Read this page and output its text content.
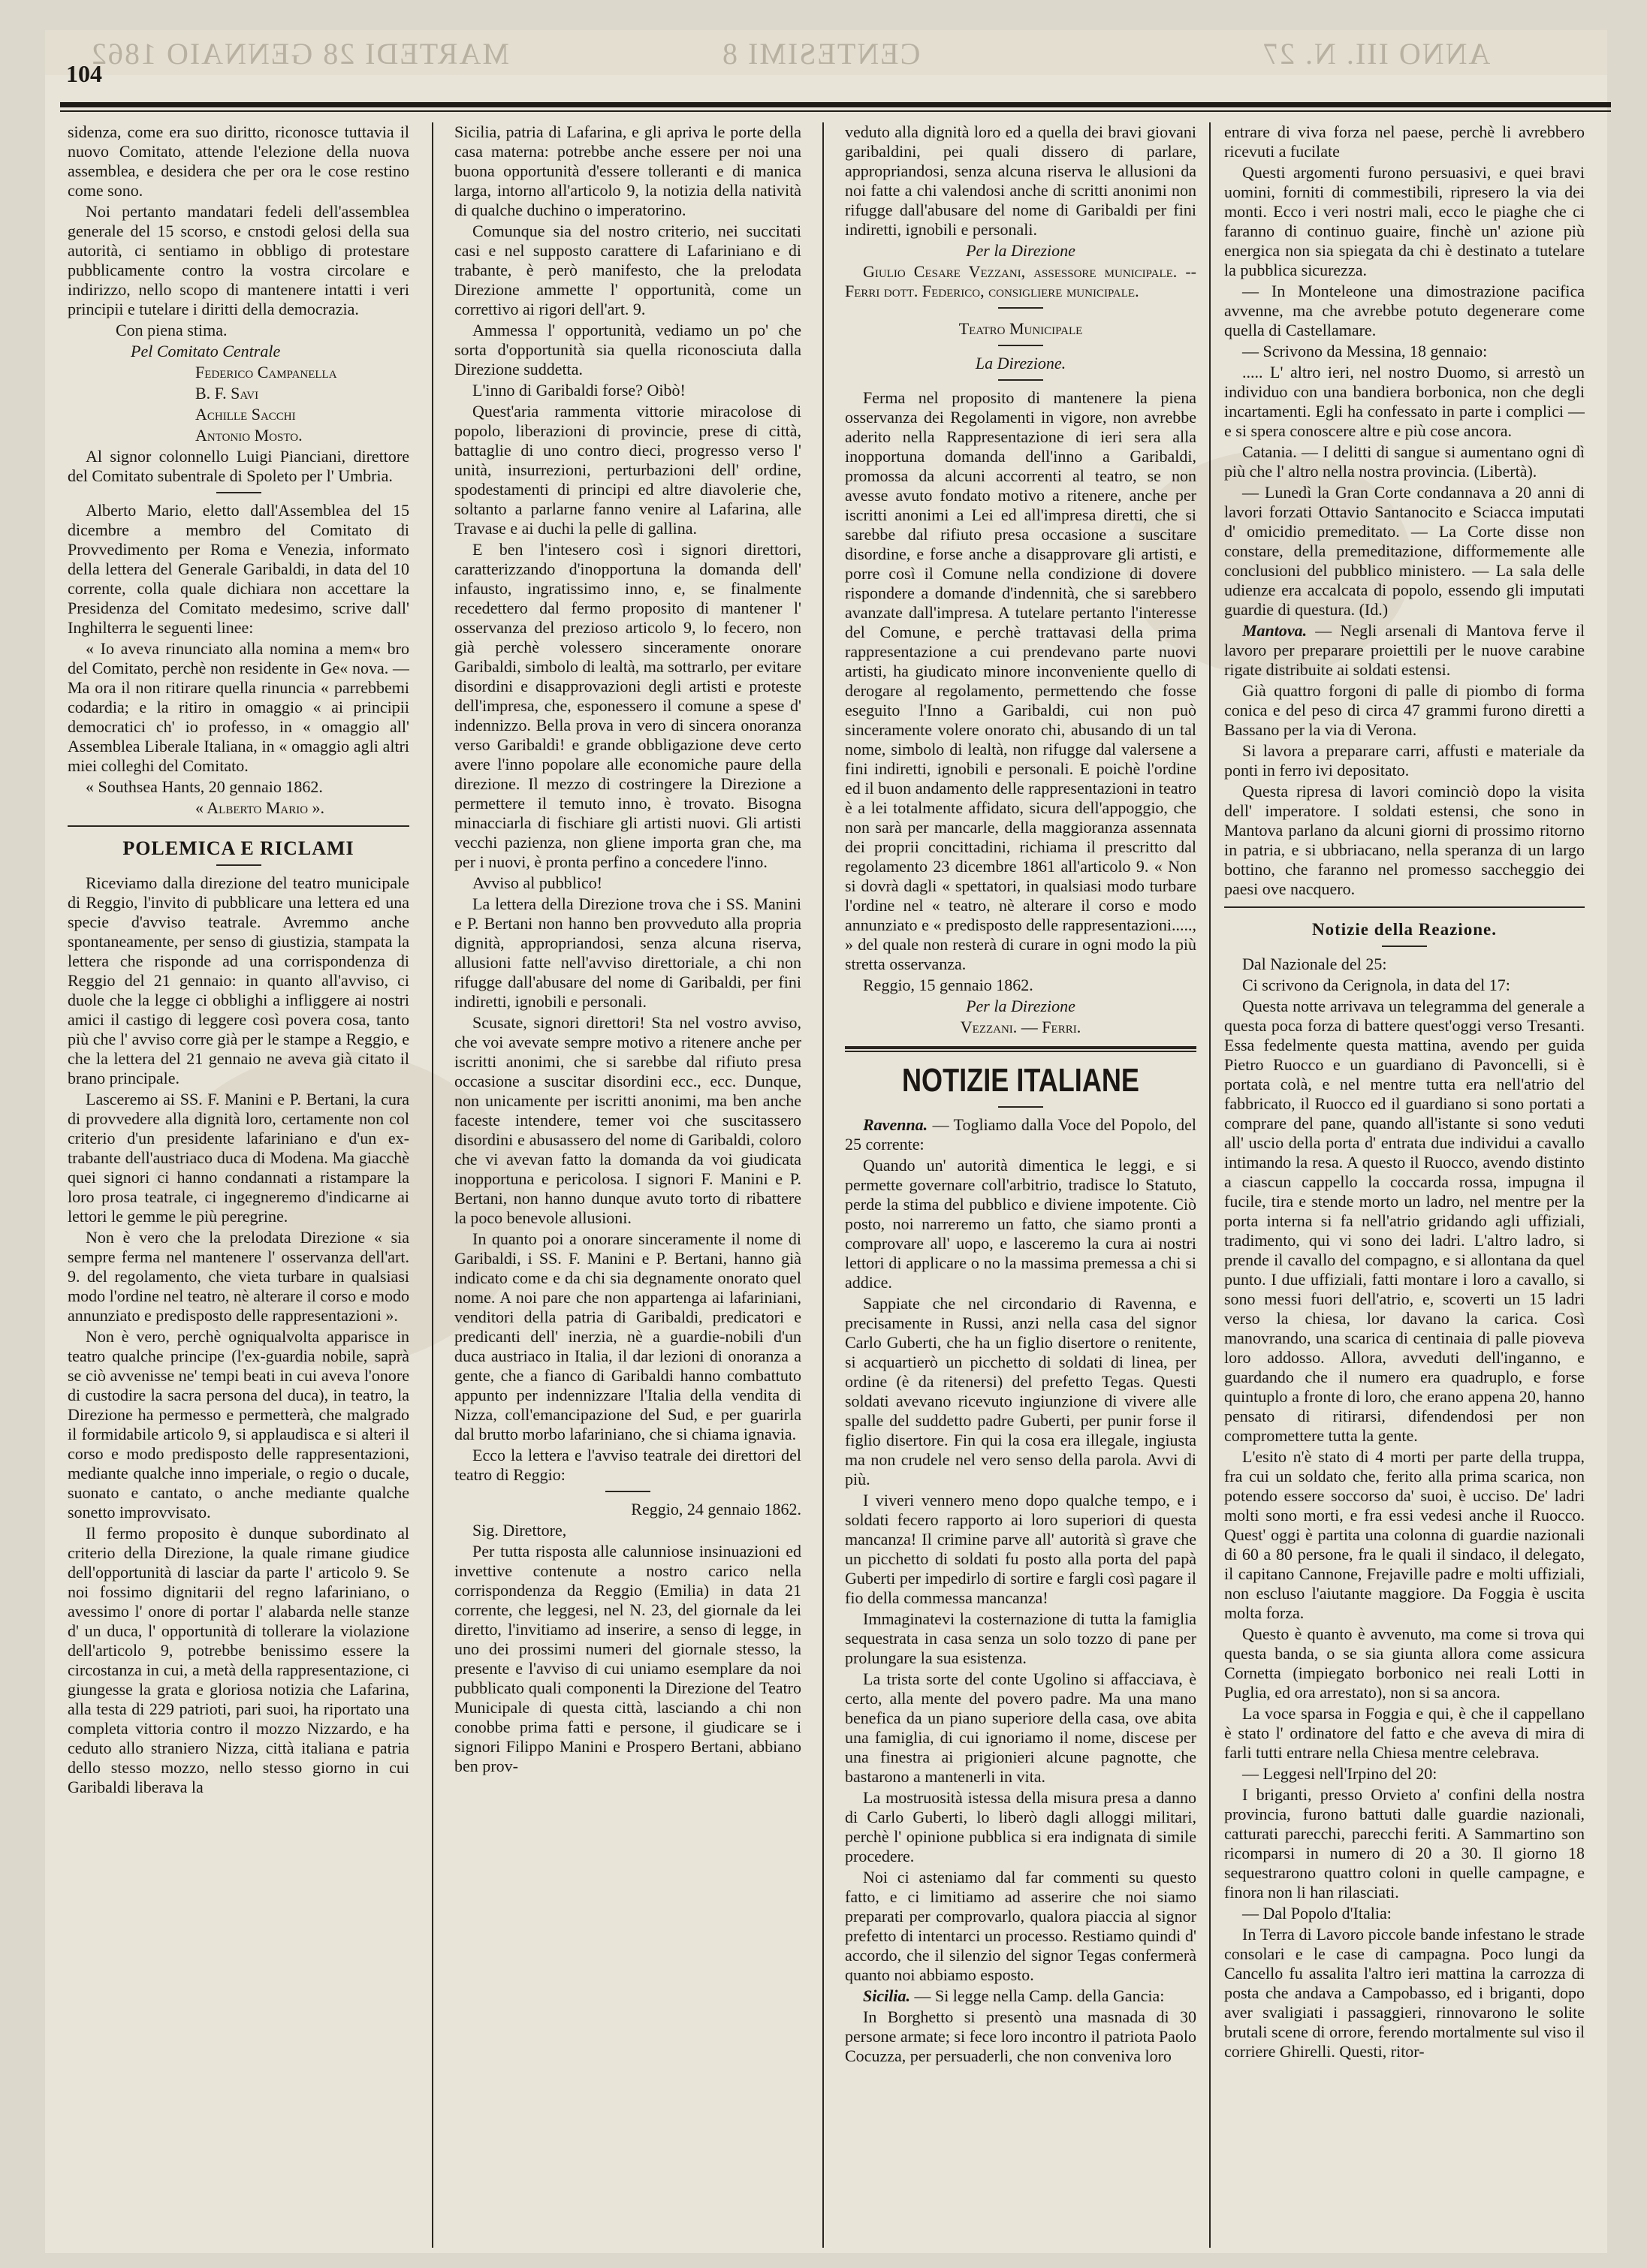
MARTEDI 28 GENNAIO 1862	CENTESIMI 8	ANNO III. N. 27
104

sidenza, come era suo diritto, riconosce tuttavia il nuovo Comitato, attende l'elezione della nuova assemblea, e desidera che per ora le cose restino come sono.

Noi pertanto mandatari fedeli dell'assemblea generale del 15 scorso, e cnstodi gelosi della sua autorità, ci sentiamo in obbligo di protestare pubblicamente contro la vostra circolare e indirizzo, nello scopo di mantenere intatti i veri principii e tutelare i diritti della democrazia.

Con piena stima.

Pel Comitato Centrale

Federico Campanella

B. F. Savi

Achille Sacchi

Antonio Mosto.

Al signor colonnello Luigi Pianciani, direttore del Comitato subentrale di Spoleto per l' Umbria.

Alberto Mario, eletto dall'Assemblea del 15 dicembre a membro del Comitato di Provvedimento per Roma e Venezia, informato della lettera del Generale Garibaldi, in data del 10 corrente, colla quale dichiara non accettare la Presidenza del Comitato medesimo, scrive dall' Inghilterra le seguenti linee:

« Io aveva rinunciato alla nomina a mem« bro del Comitato, perchè non residente in Ge« nova. — Ma ora il non ritirare quella rinuncia « parrebbemi codardia; e la ritiro in omaggio « ai principii democratici ch' io professo, in « omaggio all' Assemblea Liberale Italiana, in « omaggio agli altri miei colleghi del Comitato.

« Southsea Hants, 20 gennaio 1862.

« Alberto Mario ».

POLEMICA E RICLAMI

Riceviamo dalla direzione del teatro municipale di Reggio, l'invito di pubblicare una lettera ed una specie d'avviso teatrale. Avremmo anche spontaneamente, per senso di giustizia, stampata la lettera che risponde ad una corrispondenza di Reggio del 21 gennaio: in quanto all'avviso, ci duole che la legge ci obblighi a infliggere ai nostri amici il castigo di leggere così povera cosa, tanto più che l' avviso corre già per le stampe a Reggio, e che la lettera del 21 gennaio ne aveva già citato il brano principale.

Lasceremo ai SS. F. Manini e P. Bertani, la cura di provvedere alla dignità loro, certamente non col criterio d'un presidente lafariniano e d'un ex-trabante dell'austriaco duca di Modena. Ma giacchè quei signori ci hanno condannati a ristampare la loro prosa teatrale, ci ingegneremo d'indicarne ai lettori le gemme le più peregrine.

Non è vero che la prelodata Direzione « sia sempre ferma nel mantenere l' osservanza dell'art. 9. del regolamento, che vieta turbare in qualsiasi modo l'ordine nel teatro, nè alterare il corso e modo annunziato e predisposto delle rappresentazioni ».

Non è vero, perchè ogniqualvolta apparisce in teatro qualche principe (l'ex-guardia nobile, saprà se ciò avvenisse ne' tempi beati in cui aveva l'onore di custodire la sacra persona del duca), in teatro, la Direzione ha permesso e permetterà, che malgrado il formidabile articolo 9, si applaudisca e si alteri il corso e modo predisposto delle rappresentazioni, mediante qualche inno imperiale, o regio o ducale, suonato e cantato, o anche mediante qualche sonetto improvvisato.

Il fermo proposito è dunque subordinato al criterio della Direzione, la quale rimane giudice dell'opportunità di lasciar da parte l' articolo 9. Se noi fossimo dignitarii del regno lafariniano, o avessimo l' onore di portar l' alabarda nelle stanze d' un duca, l' opportunità di tollerare la violazione dell'articolo 9, potrebbe benissimo essere la circostanza in cui, a metà della rappresentazione, ci giungesse la grata e gloriosa notizia che Lafarina, alla testa di 229 patrioti, pari suoi, ha riportato una completa vittoria contro il mozzo Nizzardo, e ha ceduto allo straniero Nizza, città italiana e patria dello stesso mozzo, nello stesso giorno in cui Garibaldi liberava la

Sicilia, patria di Lafarina, e gli apriva le porte della casa materna: potrebbe anche essere per noi una buona opportunità d'essere tolleranti e di manica larga, intorno all'articolo 9, la notizia della natività di qualche duchino o imperatorino.

Comunque sia del nostro criterio, nei succitati casi e nel supposto carattere di Lafariniano e di trabante, è però manifesto, che la prelodata Direzione ammette l' opportunità, come un correttivo ai rigori dell'art. 9.

Ammessa l' opportunità, vediamo un po' che sorta d'opportunità sia quella riconosciuta dalla Direzione suddetta.

L'inno di Garibaldi forse? Oibò!

Quest'aria rammenta vittorie miracolose di popolo, liberazioni di provincie, prese di città, battaglie di uno contro dieci, progresso verso l' unità, insurrezioni, perturbazioni dell' ordine, spodestamenti di principi ed altre diavolerie che, soltanto a parlarne fanno venire al Lafarina, alle Travase e ai duchi la pelle di gallina.

E ben l'intesero così i signori direttori, caratterizzando d'inopportuna la domanda dell' infausto, ingratissimo inno, e, se finalmente recedettero dal fermo proposito di mantener l' osservanza del prezioso articolo 9, lo fecero, non già perchè volessero sinceramente onorare Garibaldi, simbolo di lealtà, ma sottrarlo, per evitare disordini e disapprovazioni degli artisti e proteste dell'impresa, che, esponessero il comune a spese d' indennizzo. Bella prova in vero di sincera onoranza verso Garibaldi! e grande obbligazione deve certo avere l'inno popolare alle economiche paure della direzione. Il mezzo di costringere la Direzione a permettere il temuto inno, è trovato. Bisogna minacciarla di fischiare gli artisti nuovi. Gli artisti vecchi pazienza, non gliene importa gran che, ma per i nuovi, è pronta perfino a concedere l'inno.

Avviso al pubblico!

La lettera della Direzione trova che i SS. Manini e P. Bertani non hanno ben provveduto alla propria dignità, appropriandosi, senza alcuna riserva, allusioni fatte nell'avviso direttoriale, a chi non rifugge dall'abusare del nome di Garibaldi, per fini indiretti, ignobili e personali.

Scusate, signori direttori! Sta nel vostro avviso, che voi avevate sempre motivo a ritenere anche per iscritti anonimi, che si sarebbe dal rifiuto presa occasione a suscitar disordini ecc., ecc. Dunque, non unicamente per iscritti anonimi, ma ben anche faceste intendere, temer voi che suscitassero disordini e abusassero del nome di Garibaldi, coloro che vi avevan fatto la domanda da voi giudicata inopportuna e pericolosa. I signori F. Manini e P. Bertani, non hanno dunque avuto torto di ribattere la poco benevole allusioni.

In quanto poi a onorare sinceramente il nome di Garibaldi, i SS. F. Manini e P. Bertani, hanno già indicato come e da chi sia degnamente onorato quel nome. A noi pare che non appartenga ai lafariniani, venditori della patria di Garibaldi, predicatori e predicanti dell' inerzia, nè a guardie-nobili d'un duca austriaco in Italia, il dar lezioni di onoranza a gente, che a fianco di Garibaldi hanno combattuto appunto per indennizzare l'Italia della vendita di Nizza, coll'emancipazione del Sud, e per guarirla dal brutto morbo lafariniano, che si chiama ignavia.

Ecco la lettera e l'avviso teatrale dei direttori del teatro di Reggio:

Reggio, 24 gennaio 1862.

Sig. Direttore,

Per tutta risposta alle calunniose insinuazioni ed invettive contenute a nostro carico nella corrispondenza da Reggio (Emilia) in data 21 corrente, che leggesi, nel N. 23, del giornale da lei diretto, l'invitiamo ad inserire, a senso di legge, in uno dei prossimi numeri del giornale stesso, la presente e l'avviso di cui uniamo esemplare da noi pubblicato quali componenti la Direzione del Teatro Municipale di questa città, lasciando a chi non conobbe prima fatti e persone, il giudicare se i signori Filippo Manini e Prospero Bertani, abbiano ben prov-

veduto alla dignità loro ed a quella dei bravi giovani garibaldini, pei quali dissero di parlare, appropriandosi, senza alcuna riserva le allusioni da noi fatte a chi valendosi anche di scritti anonimi non rifugge dall'abusare del nome di Garibaldi per fini indiretti, ignobili e personali.

Per la Direzione

Giulio Cesare Vezzani, assessore municipale. -- Ferri dott. Federico, consigliere municipale.

Teatro Municipale

La Direzione.

Ferma nel proposito di mantenere la piena osservanza dei Regolamenti in vigore, non avrebbe aderito nella Rappresentazione di ieri sera alla inopportuna domanda dell'inno a Garibaldi, promossa da alcuni accorrenti al teatro, se non avesse avuto fondato motivo a ritenere, anche per iscritti anonimi a Lei ed all'impresa diretti, che si sarebbe dal rifiuto presa occasione a suscitare disordine, e forse anche a disapprovare gli artisti, e porre così il Comune nella condizione di dovere rispondere a domande d'indennità, che si sarebbero avanzate dall'impresa. A tutelare pertanto l'interesse del Comune, e perchè trattavasi della prima rappresentazione a cui prendevano parte nuovi artisti, ha giudicato minore inconveniente quello di derogare al regolamento, permettendo che fosse eseguito l'Inno a Garibaldi, cui non può sinceramente volere onorato chi, abusando di un tal nome, simbolo di lealtà, non rifugge dal valersene a fini indiretti, ignobili e personali. E poichè l'ordine ed il buon andamento delle rappresentazioni in teatro è a lei totalmente affidato, sicura dell'appoggio, che non sarà per mancarle, della maggioranza assennata dei proprii concittadini, richiama il prescritto dal regolamento 23 dicembre 1861 all'articolo 9. « Non si dovrà dagli « spettatori, in qualsiasi modo turbare l'ordine nel « teatro, nè alterare il corso e modo annunziato e « predisposto delle rappresentazioni....., » del quale non resterà di curare in ogni modo la più stretta osservanza.

Reggio, 15 gennaio 1862.

Per la Direzione

Vezzani. — Ferri.

NOTIZIE ITALIANE

Ravenna. — Togliamo dalla Voce del Popolo, del 25 corrente:

Quando un' autorità dimentica le leggi, e si permette governare coll'arbitrio, tradisce lo Statuto, perde la stima del pubblico e diviene impotente. Ciò posto, noi narreremo un fatto, che siamo pronti a comprovare all' uopo, e lasceremo la cura ai nostri lettori di applicare o no la massima premessa a chi si addice.

Sappiate che nel circondario di Ravenna, e precisamente in Russi, anzi nella casa del signor Carlo Guberti, che ha un figlio disertore o renitente, si acquartierò un picchetto di soldati di linea, per ordine (è da ritenersi) del prefetto Tegas. Questi soldati avevano ricevuto ingiunzione di vivere alle spalle del suddetto padre Guberti, per punir forse il figlio disertore. Fin qui la cosa era illegale, ingiusta ma non crudele nel vero senso della parola. Avvi di più.

I viveri vennero meno dopo qualche tempo, e i soldati fecero rapporto ai loro superiori di questa mancanza! Il crimine parve all' autorità sì grave che un picchetto di soldati fu posto alla porta del papà Guberti per impedirlo di sortire e fargli così pagare il fio della commessa mancanza!

Immaginatevi la costernazione di tutta la famiglia sequestrata in casa senza un solo tozzo di pane per prolungare la sua esistenza.

La trista sorte del conte Ugolino si affacciava, è certo, alla mente del povero padre. Ma una mano benefica da un piano superiore della casa, ove abita una famiglia, di cui ignoriamo il nome, discese per una finestra ai prigionieri alcune pagnotte, che bastarono a mantenerli in vita.

La mostruosità istessa della misura presa a danno di Carlo Guberti, lo liberò dagli alloggi militari, perchè l' opinione pubblica si era indignata di simile procedere.

Noi ci asteniamo dal far commenti su questo fatto, e ci limitiamo ad asserire che noi siamo preparati per comprovarlo, qualora piaccia al signor prefetto di intentarci un processo. Restiamo quindi d' accordo, che il silenzio del signor Tegas confermerà quanto noi abbiamo esposto.

Sicilia. — Si legge nella Camp. della Gancia:

In Borghetto si presentò una masnada di 30 persone armate; si fece loro incontro il patriota Paolo Cocuzza, per persuaderli, che non conveniva loro

entrare di viva forza nel paese, perchè li avrebbero ricevuti a fucilate

Questi argomenti furono persuasivi, e quei bravi uomini, forniti di commestibili, ripresero la via dei monti. Ecco i veri nostri mali, ecco le piaghe che ci faranno di continuo guaire, finchè un' azione più energica non sia spiegata da chi è destinato a tutelare la pubblica sicurezza.

— In Monteleone una dimostrazione pacifica avvenne, ma che avrebbe potuto degenerare come quella di Castellamare.

— Scrivono da Messina, 18 gennaio:

..... L' altro ieri, nel nostro Duomo, si arrestò un individuo con una bandiera borbonica, non che degli incartamenti. Egli ha confessato in parte i complici — e si spera conoscere altre e più cose ancora.

Catania. — I delitti di sangue si aumentano ogni dì più che l' altro nella nostra provincia. (Libertà).

— Lunedì la Gran Corte condannava a 20 anni di lavori forzati Ottavio Santanocito e Sciacca imputati d' omicidio premeditato. — La Corte disse non constare, della premeditazione, difformemente alle conclusioni del pubblico ministero. — La sala delle udienze era accalcata di popolo, essendo gli imputati guardie di questura. (Id.)

Mantova. — Negli arsenali di Mantova ferve il lavoro per preparare proiettili per le nuove carabine rigate distribuite ai soldati estensi.

Già quattro forgoni di palle di piombo di forma conica e del peso di circa 47 grammi furono diretti a Bassano per la via di Verona.

Si lavora a preparare carri, affusti e materiale da ponti in ferro ivi depositato.

Questa ripresa di lavori cominciò dopo la visita dell' imperatore. I soldati estensi, che sono in Mantova parlano da alcuni giorni di prossimo ritorno in patria, e si ubbriacano, nella speranza di un largo bottino, che faranno nel promesso saccheggio dei paesi ove nacquero.

Notizie della Reazione.

Dal Nazionale del 25:

Ci scrivono da Cerignola, in data del 17:

Questa notte arrivava un telegramma del generale a questa poca forza di battere quest'oggi verso Tresanti. Essa fedelmente questa mattina, avendo per guida Pietro Ruocco e un guardiano di Pavoncelli, si è portata colà, e nel mentre tutta era nell'atrio del fabbricato, il Ruocco ed il guardiano si sono portati a comprare del pane, quando all'istante si sono veduti all' uscio della porta d' entrata due individui a cavallo intimando la resa. A questo il Ruocco, avendo distinto a ciascun cappello la coccarda rossa, impugna il fucile, tira e stende morto un ladro, nel mentre per la porta interna si fa nell'atrio gridando agli uffiziali, tradimento, qui vi sono dei ladri. L'altro ladro, si prende il cavallo del compagno, e si allontana da quel punto. I due uffiziali, fatti montare i loro a cavallo, si sono messi fuori dell'atrio, e, scoverti un 15 ladri verso la chiesa, lor davano la carica. Così manovrando, una scarica di centinaia di palle pioveva loro addosso. Allora, avveduti dell'inganno, e guardando che il numero era quadruplo, e forse quintuplo a fronte di loro, che erano appena 20, hanno pensato di ritirarsi, difendendosi per non compromettere tutta la gente.

L'esito n'è stato di 4 morti per parte della truppa, fra cui un soldato che, ferito alla prima scarica, non potendo essere soccorso da' suoi, è ucciso. De' ladri molti sono morti, e fra essi vedesi anche il Ruocco. Quest' oggi è partita una colonna di guardie nazionali di 60 a 80 persone, fra le quali il sindaco, il delegato, il capitano Cannone, Frejaville padre e molti uffiziali, non escluso l'aiutante maggiore. Da Foggia è uscita molta forza.

Questo è quanto è avvenuto, ma come si trova qui questa banda, o se sia giunta allora come assicura Cornetta (impiegato borbonico nei reali Lotti in Puglia, ed ora arrestato), non si sa ancora.

La voce sparsa in Foggia e qui, è che il cappellano è stato l' ordinatore del fatto e che aveva di mira di farli tutti entrare nella Chiesa mentre celebrava.

— Leggesi nell'Irpino del 20:

I briganti, presso Orvieto a' confini della nostra provincia, furono battuti dalle guardie nazionali, catturati parecchi, parecchi feriti. A Sammartino son ricomparsi in numero di 20 a 30. Il giorno 18 sequestrarono quattro coloni in quelle campagne, e finora non li han rilasciati.

— Dal Popolo d'Italia:

In Terra di Lavoro piccole bande infestano le strade consolari e le case di campagna. Poco lungi da Cancello fu assalita l'altro ieri mattina la carrozza di posta che andava a Campobasso, ed i briganti, dopo aver svaligiati i passaggieri, rinnovarono le solite brutali scene di orrore, ferendo mortalmente sul viso il corriere Ghirelli. Questi, ritor-
